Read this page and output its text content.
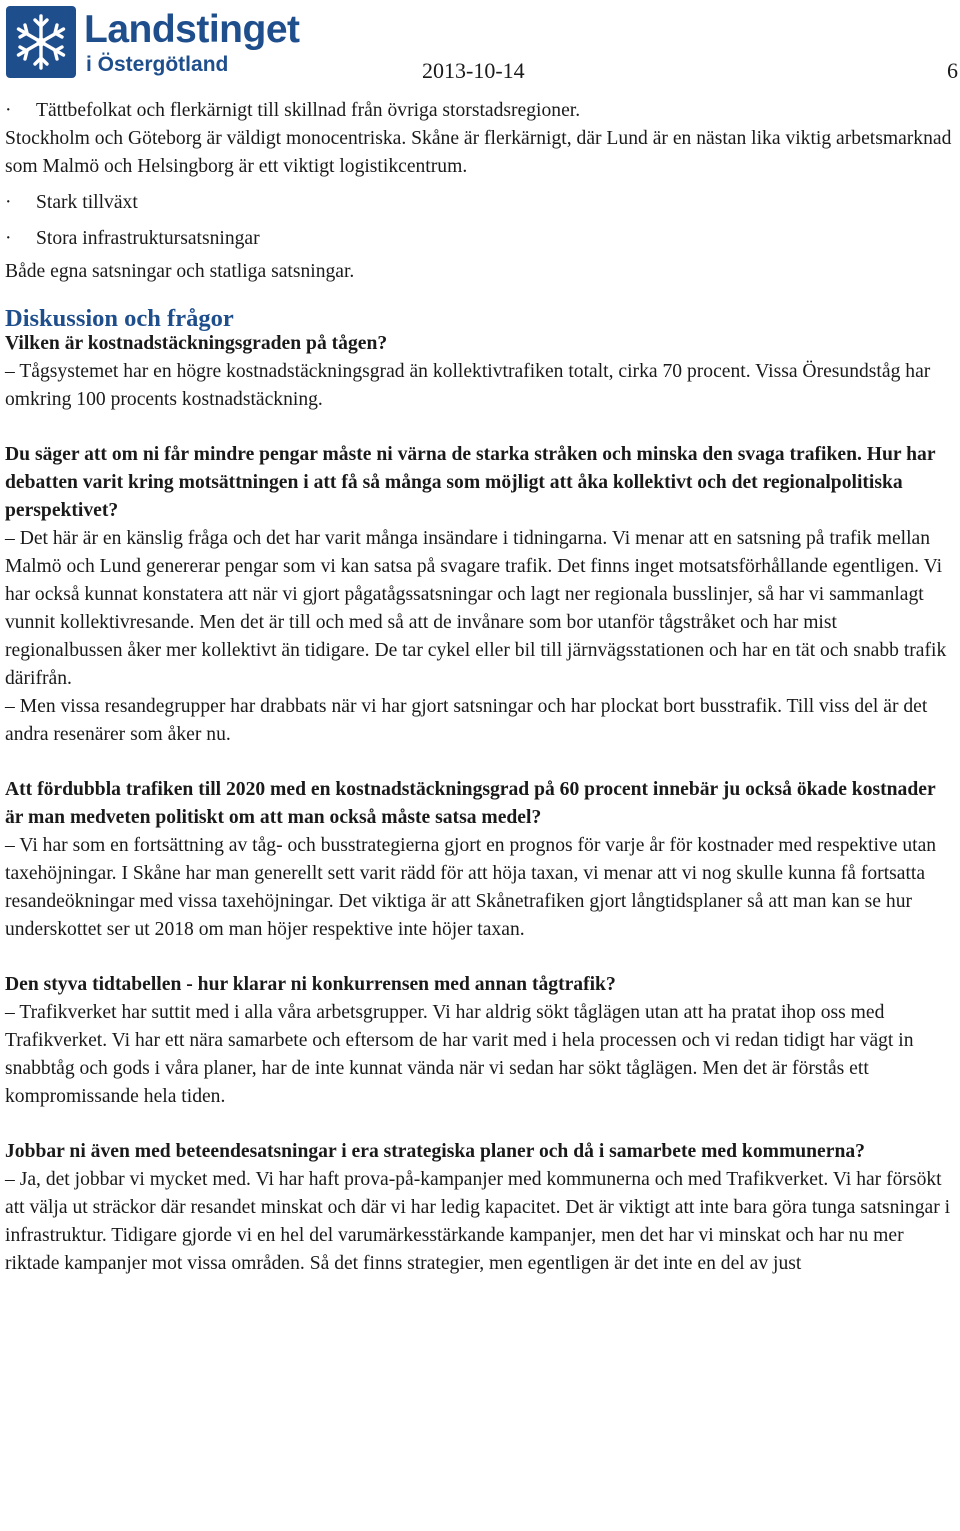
Landstinget
i Östergötland	2013-10-14	6

·	Tättbefolkat och flerkärnigt till skillnad från övriga storstadsregioner.

Stockholm och Göteborg är väldigt monocentriska. Skåne är flerkärnigt, där Lund är en nästan lika viktig arbetsmarknad som Malmö och Helsingborg är ett viktigt logistikcentrum.

·	Stark tillväxt

·	Stora infrastruktursatsningar

Både egna satsningar och statliga satsningar.

Diskussion och frågor

Vilken är kostnadstäckningsgraden på tågen?

– Tågsystemet har en högre kostnadstäckningsgrad än kollektivtrafiken totalt, cirka 70 procent. Vissa Öresundståg har omkring 100 procents kostnadstäckning.

Du säger att om ni får mindre pengar måste ni värna de starka stråken och minska den svaga trafiken. Hur har debatten varit kring motsättningen i att få så många som möjligt att åka kollektivt och det regionalpolitiska perspektivet?

– Det här är en känslig fråga och det har varit många insändare i tidningarna. Vi menar att en satsning på trafik mellan Malmö och Lund genererar pengar som vi kan satsa på svagare trafik. Det finns inget motsatsförhållande egentligen. Vi har också kunnat konstatera att när vi gjort pågatågssatsningar och lagt ner regionala busslinjer, så har vi sammanlagt vunnit kollektivresande. Men det är till och med så att de invånare som bor utanför tågstråket och har mist regionalbussen åker mer kollektivt än tidigare. De tar cykel eller bil till järnvägsstationen och har en tät och snabb trafik därifrån.

– Men vissa resandegrupper har drabbats när vi har gjort satsningar och har plockat bort busstrafik. Till viss del är det andra resenärer som åker nu.

Att fördubbla trafiken till 2020 med en kostnadstäckningsgrad på 60 procent innebär ju också ökade kostnader är man medveten politiskt om att man också måste satsa medel?

– Vi har som en fortsättning av tåg- och busstrategierna gjort en prognos för varje år för kostnader med respektive utan taxehöjningar. I Skåne har man generellt sett varit rädd för att höja taxan, vi menar att vi nog skulle kunna få fortsatta resandeökningar med vissa taxehöjningar. Det viktiga är att Skånetrafiken gjort långtidsplaner så att man kan se hur underskottet ser ut 2018 om man höjer respektive inte höjer taxan.

Den styva tidtabellen - hur klarar ni konkurrensen med annan tågtrafik?

– Trafikverket har suttit med i alla våra arbetsgrupper. Vi har aldrig sökt tåglägen utan att ha pratat ihop oss med Trafikverket. Vi har ett nära samarbete och eftersom de har varit med i hela processen och vi redan tidigt har vägt in snabbtåg och gods i våra planer, har de inte kunnat vända när vi sedan har sökt tåglägen. Men det är förstås ett kompromissande hela tiden.

Jobbar ni även med beteendesatsningar i era strategiska planer och då i samarbete med kommunerna?

– Ja, det jobbar vi mycket med. Vi har haft prova-på-kampanjer med kommunerna och med Trafikverket. Vi har försökt att välja ut sträckor där resandet minskat och där vi har ledig kapacitet. Det är viktigt att inte bara göra tunga satsningar i infrastruktur. Tidigare gjorde vi en hel del varumärkesstärkande kampanjer, men det har vi minskat och har nu mer riktade kampanjer mot vissa områden. Så det finns strategier, men egentligen är det inte en del av just
